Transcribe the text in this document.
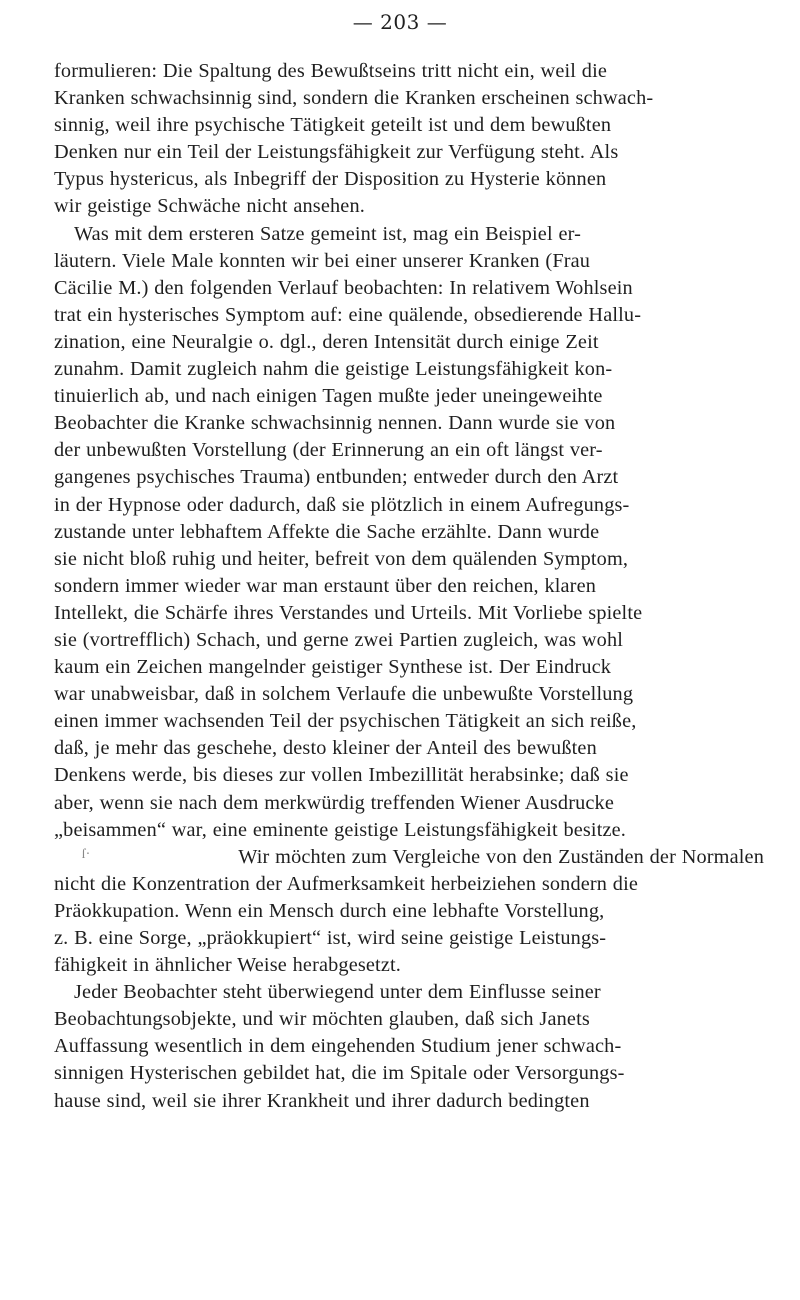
— 203 —
formulieren: Die Spaltung des Bewußtseins tritt nicht ein, weil die
Kranken schwachsinnig sind, sondern die Kranken erscheinen schwach-
sinnig, weil ihre psychische Tätigkeit geteilt ist und dem bewußten
Denken nur ein Teil der Leistungsfähigkeit zur Verfügung steht. Als
Typus hystericus, als Inbegriff der Disposition zu Hysterie können
wir geistige Schwäche nicht ansehen.
Was mit dem ersteren Satze gemeint ist, mag ein Beispiel er-
läutern. Viele Male konnten wir bei einer unserer Kranken (Frau
Cäcilie M.) den folgenden Verlauf beobachten: In relativem Wohlsein
trat ein hysterisches Symptom auf: eine quälende, obsedierende Hallu-
zination, eine Neuralgie o. dgl., deren Intensität durch einige Zeit
zunahm. Damit zugleich nahm die geistige Leistungsfähigkeit kon-
tinuierlich ab, und nach einigen Tagen mußte jeder uneingeweihte
Beobachter die Kranke schwachsinnig nennen. Dann wurde sie von
der unbewußten Vorstellung (der Erinnerung an ein oft längst ver-
gangenes psychisches Trauma) entbunden; entweder durch den Arzt
in der Hypnose oder dadurch, daß sie plötzlich in einem Aufregungs-
zustande unter lebhaftem Affekte die Sache erzählte. Dann wurde
sie nicht bloß ruhig und heiter, befreit von dem quälenden Symptom,
sondern immer wieder war man erstaunt über den reichen, klaren
Intellekt, die Schärfe ihres Verstandes und Urteils. Mit Vorliebe spielte
sie (vortrefflich) Schach, und gerne zwei Partien zugleich, was wohl
kaum ein Zeichen mangelnder geistiger Synthese ist. Der Eindruck
war unabweisbar, daß in solchem Verlaufe die unbewußte Vorstellung
einen immer wachsenden Teil der psychischen Tätigkeit an sich reiße,
daß, je mehr das geschehe, desto kleiner der Anteil des bewußten
Denkens werde, bis dieses zur vollen Imbezillität herabsinke; daß sie
aber, wenn sie nach dem merkwürdig treffenden Wiener Ausdrucke
„beisammen“ war, eine eminente geistige Leistungsfähigkeit besitze.
ſ·	Wir möchten zum Vergleiche von den Zuständen der Normalen
nicht die Konzentration der Aufmerksamkeit herbeiziehen sondern die
Präokkupation. Wenn ein Mensch durch eine lebhafte Vorstellung,
z. B. eine Sorge, „präokkupiert“ ist, wird seine geistige Leistungs-
fähigkeit in ähnlicher Weise herabgesetzt.
Jeder Beobachter steht überwiegend unter dem Einflusse seiner
Beobachtungsobjekte, und wir möchten glauben, daß sich Janets
Auffassung wesentlich in dem eingehenden Studium jener schwach-
sinnigen Hysterischen gebildet hat, die im Spitale oder Versorgungs-
hause sind, weil sie ihrer Krankheit und ihrer dadurch bedingten
